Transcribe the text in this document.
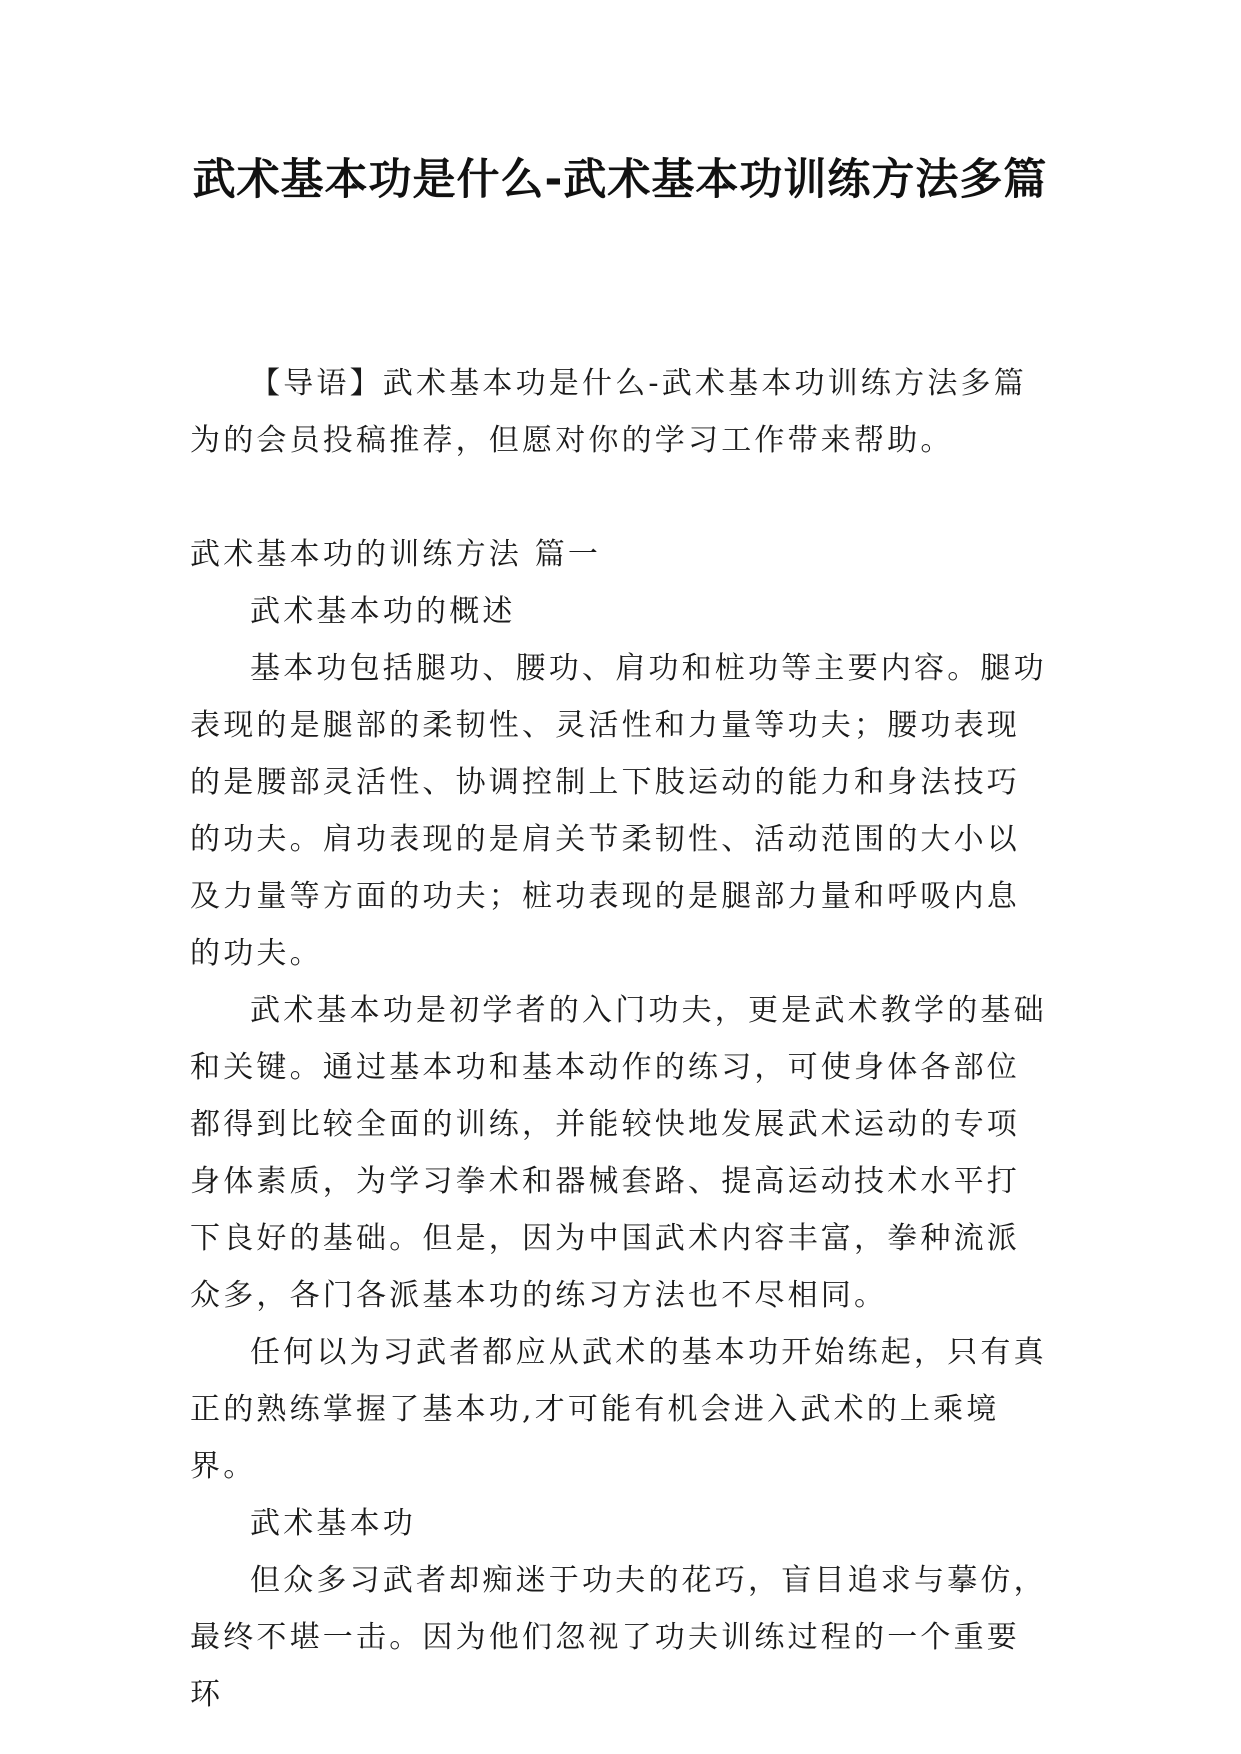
武术基本功是什么-武术基本功训练方法多篇

【导语】武术基本功是什么-武术基本功训练方法多篇为的会员投稿推荐，但愿对你的学习工作带来帮助。

武术基本功的训练方法 篇一

武术基本功的概述

基本功包括腿功、腰功、肩功和桩功等主要内容。腿功表现的是腿部的柔韧性、灵活性和力量等功夫；腰功表现的是腰部灵活性、协调控制上下肢运动的能力和身法技巧的功夫。肩功表现的是肩关节柔韧性、活动范围的大小以及力量等方面的功夫；桩功表现的是腿部力量和呼吸内息的功夫。

武术基本功是初学者的入门功夫，更是武术教学的基础和关键。通过基本功和基本动作的练习，可使身体各部位都得到比较全面的训练，并能较快地发展武术运动的专项身体素质，为学习拳术和器械套路、提高运动技术水平打下良好的基础。但是，因为中国武术内容丰富，拳种流派众多，各门各派基本功的练习方法也不尽相同。

任何以为习武者都应从武术的基本功开始练起，只有真正的熟练掌握了基本功,才可能有机会进入武术的上乘境界。

武术基本功

但众多习武者却痴迷于功夫的花巧，盲目追求与摹仿，最终不堪一击。因为他们忽视了功夫训练过程的一个重要环
